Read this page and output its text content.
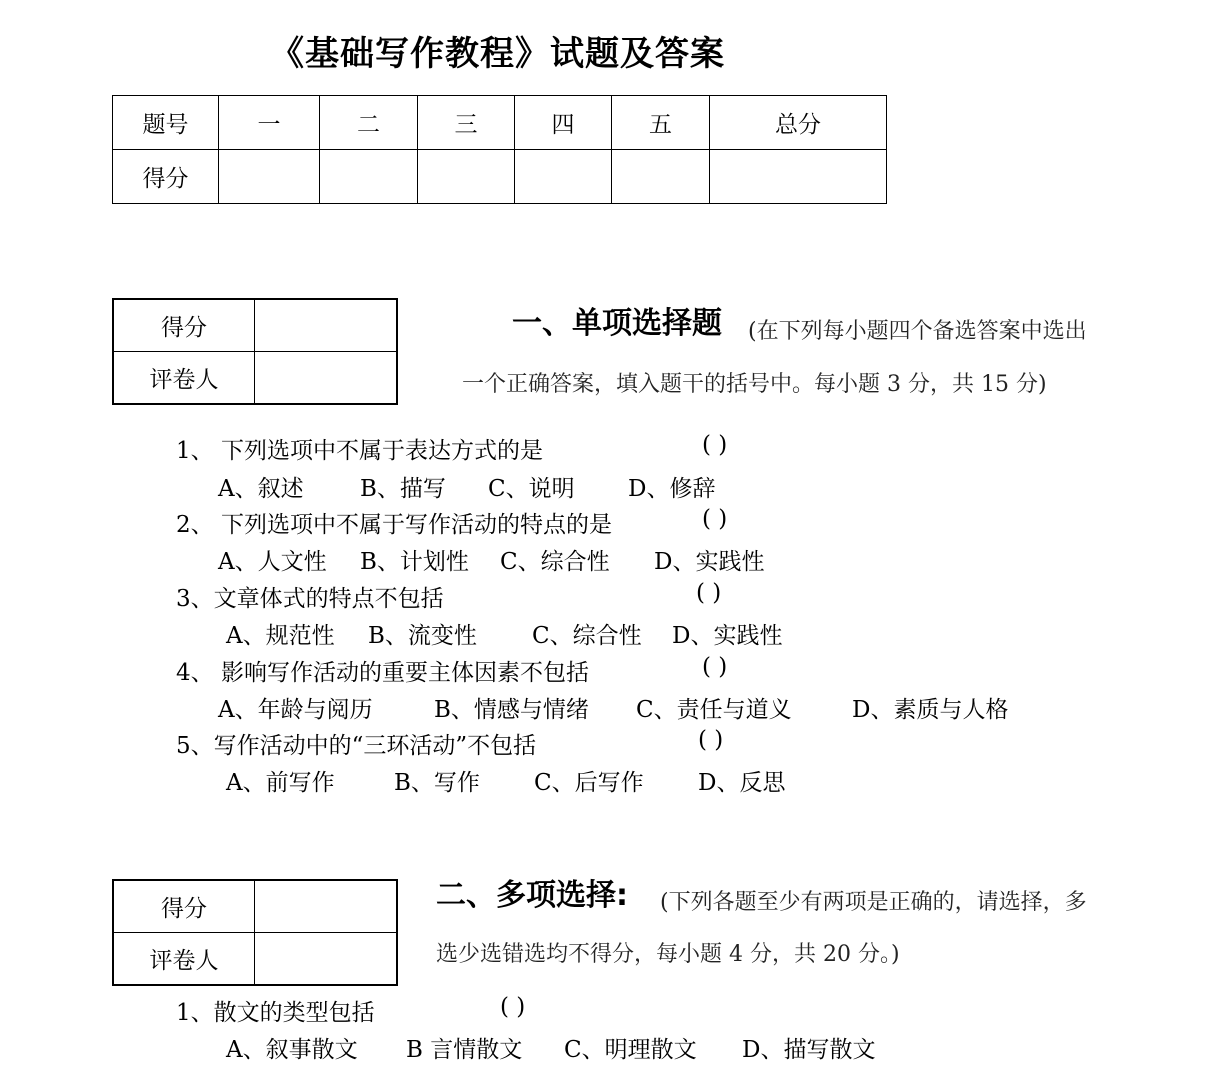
《基础写作教程》试题及答案
题号	一	二	三	四	五	总分
得分						
得分	
评卷人	
一、单项选择题 (在下列每小题四个备选答案中选出
一个正确答案，填入题干的括号中。每小题 3 分，共 15 分)
1、 下列选项中不属于表达方式的是	( )
A、叙述 B、描写 C、说明 D、修辞
2、 下列选项中不属于写作活动的特点的是	( )
A、人文性 B、计划性 C、综合性 D、实践性
3、文章体式的特点不包括	( )
A、规范性 B、流变性 C、综合性 D、实践性
4、 影响写作活动的重要主体因素不包括	( )
A、年龄与阅历	B、情感与情绪 C、责任与道义	D、素质与人格
5、写作活动中的“三环活动”不包括	( )
A、前写作	B、写作 C、后写作 D、反思
得分	
评卷人	
二、多项选择: (下列各题至少有两项是正确的，请选择，多
选少选错选均不得分，每小题 4 分，共 20 分。)
1、散文的类型包括	( )
A、叙事散文 B 言情散文 C、明理散文 D、描写散文
